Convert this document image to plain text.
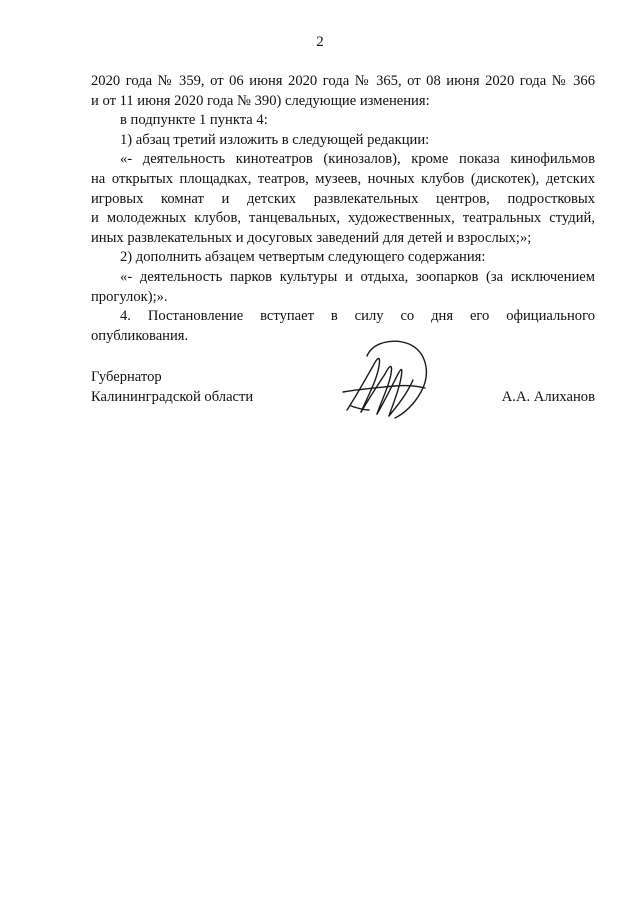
2
2020 года № 359, от 06 июня 2020 года № 365, от 08 июня 2020 года № 366
и от 11 июня 2020 года № 390) следующие изменения:
в подпункте 1 пункта 4:
1) абзац третий изложить в следующей редакции:
«- деятельность кинотеатров (кинозалов), кроме показа кинофильмов
на открытых площадках, театров, музеев, ночных клубов (дискотек), детских
игровых комнат и детских развлекательных центров, подростковых
и молодежных клубов, танцевальных, художественных, театральных студий,
иных развлекательных и досуговых заведений для детей и взрослых;»;
2) дополнить абзацем четвертым следующего содержания:
«- деятельность парков культуры и отдыха, зоопарков (за исключением
прогулок);».
4. Постановление вступает в силу со дня его официального
опубликования.
Губернатор
Калининградской области	А.А. Алиханов
